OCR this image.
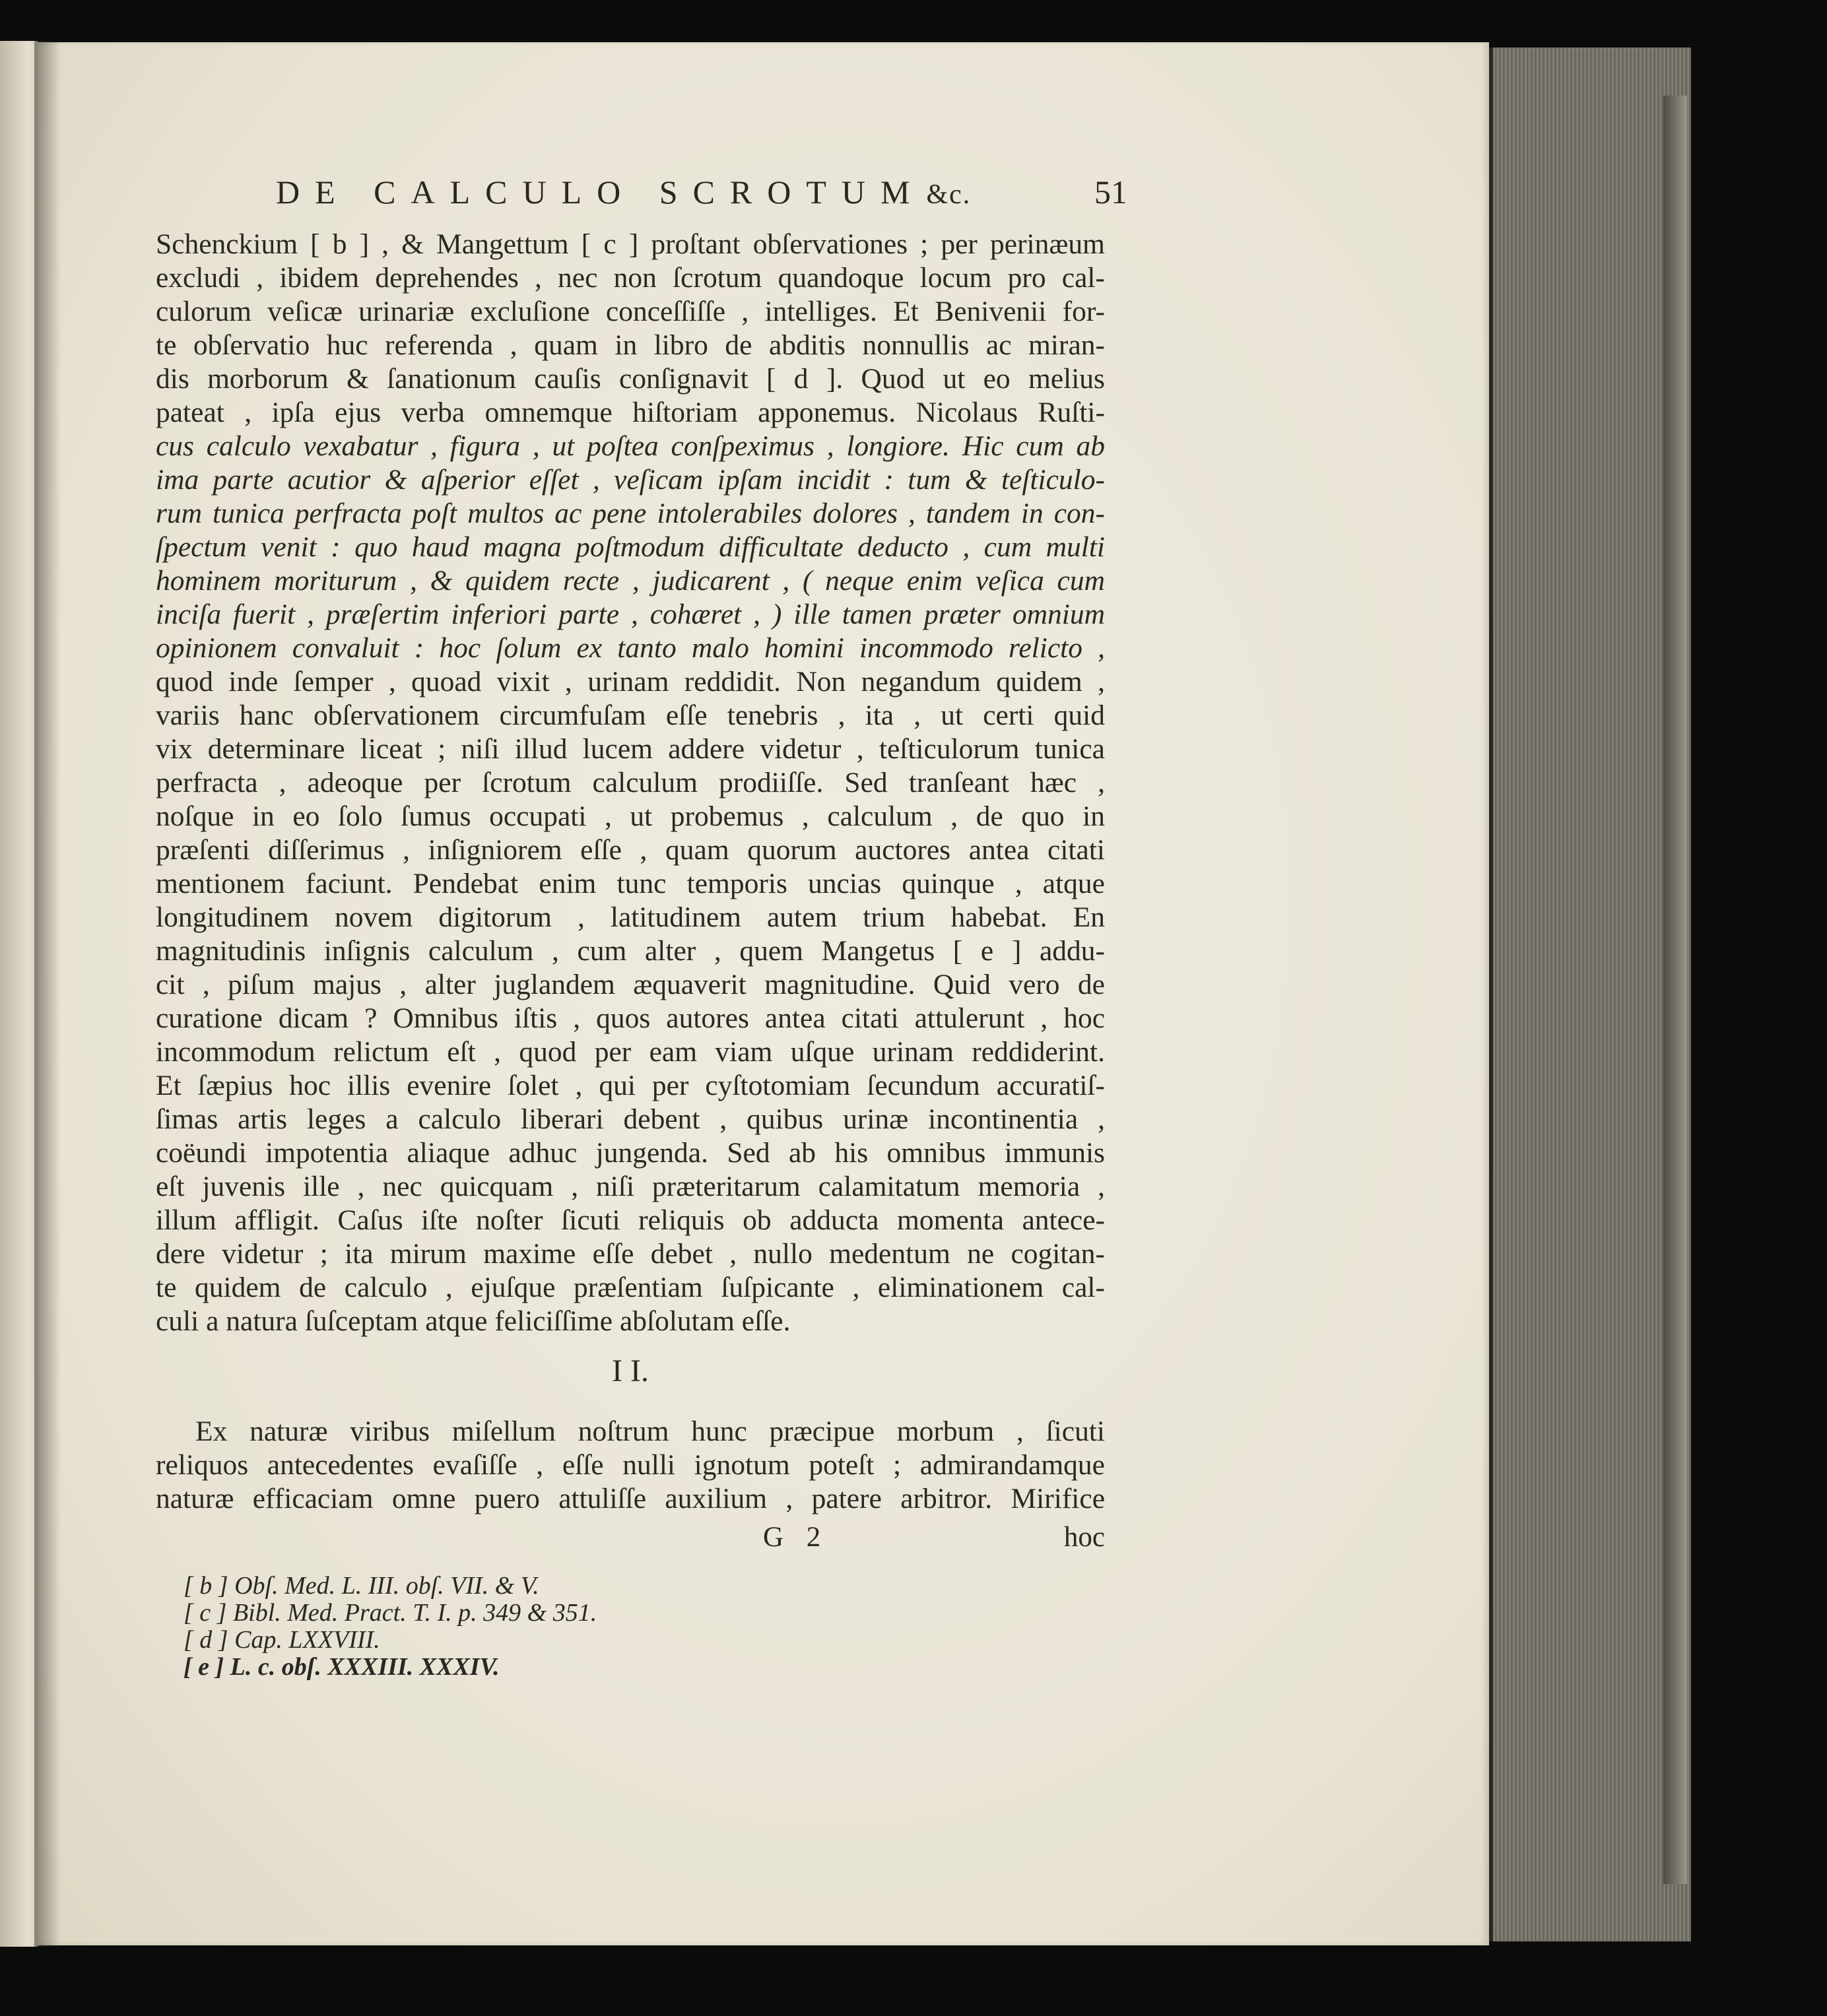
DE CALCULO SCROTUM &c.	51
Schenckium [ b ] , & Mangettum [ c ] proſtant obſervationes ; per perinæum
excludi , ibidem deprehendes , nec non ſcrotum quandoque locum pro cal-
culorum veſicæ urinariæ excluſione conceſſiſſe , intelliges. Et Benivenii for-
te obſervatio huc referenda , quam in libro de abditis nonnullis ac miran-
dis morborum & ſanationum cauſis conſignavit [ d ]. Quod ut eo melius
pateat , ipſa ejus verba omnemque hiſtoriam apponemus. Nicolaus Ruſti-
cus calculo vexabatur , figura , ut poſtea conſpeximus , longiore. Hic cum ab
ima parte acutior & aſperior eſſet , veſicam ipſam incidit : tum & teſticulo-
rum tunica perfracta poſt multos ac pene intolerabiles dolores , tandem in con-
ſpectum venit : quo haud magna poſtmodum difficultate deducto , cum multi
hominem moriturum , & quidem recte , judicarent , ( neque enim veſica cum
inciſa fuerit , præſertim inferiori parte , cohæret , ) ille tamen præter omnium
opinionem convaluit : hoc ſolum ex tanto malo homini incommodo relicto ,
quod inde ſemper , quoad vixit , urinam reddidit. Non negandum quidem ,
variis hanc obſervationem circumfuſam eſſe tenebris , ita , ut certi quid
vix determinare liceat ; niſi illud lucem addere videtur , teſticulorum tunica
perfracta , adeoque per ſcrotum calculum prodiiſſe. Sed tranſeant hæc ,
noſque in eo ſolo ſumus occupati , ut probemus , calculum , de quo in
præſenti diſſerimus , inſigniorem eſſe , quam quorum auctores antea citati
mentionem faciunt. Pendebat enim tunc temporis uncias quinque , atque
longitudinem novem digitorum , latitudinem autem trium habebat. En
magnitudinis inſignis calculum , cum alter , quem Mangetus [ e ] addu-
cit , piſum majus , alter juglandem æquaverit magnitudine. Quid vero de
curatione dicam ? Omnibus iſtis , quos autores antea citati attulerunt , hoc
incommodum relictum eſt , quod per eam viam uſque urinam reddiderint.
Et ſæpius hoc illis evenire ſolet , qui per cyſtotomiam ſecundum accuratiſ-
ſimas artis leges a calculo liberari debent , quibus urinæ incontinentia ,
coëundi impotentia aliaque adhuc jungenda. Sed ab his omnibus immunis
eſt juvenis ille , nec quicquam , niſi præteritarum calamitatum memoria ,
illum affligit. Caſus iſte noſter ſicuti reliquis ob adducta momenta antece-
dere videtur ; ita mirum maxime eſſe debet , nullo medentum ne cogitan-
te quidem de calculo , ejuſque præſentiam ſuſpicante , eliminationem cal-
culi a natura ſuſceptam atque feliciſſime abſolutam eſſe.
I I.
Ex naturæ viribus miſellum noſtrum hunc præcipue morbum , ſicuti
reliquos antecedentes evaſiſſe , eſſe nulli ignotum poteſt ; admirandamque
naturæ efficaciam omne puero attuliſſe auxilium , patere arbitror. Mirifice
G 2	hoc
[ b ] Obſ. Med. L. III. obſ. VII. & V.
[ c ] Bibl. Med. Pract. T. I. p. 349 & 351.
[ d ] Cap. LXXVIII.
[ e ] L. c. obſ. XXXIII. XXXIV.
